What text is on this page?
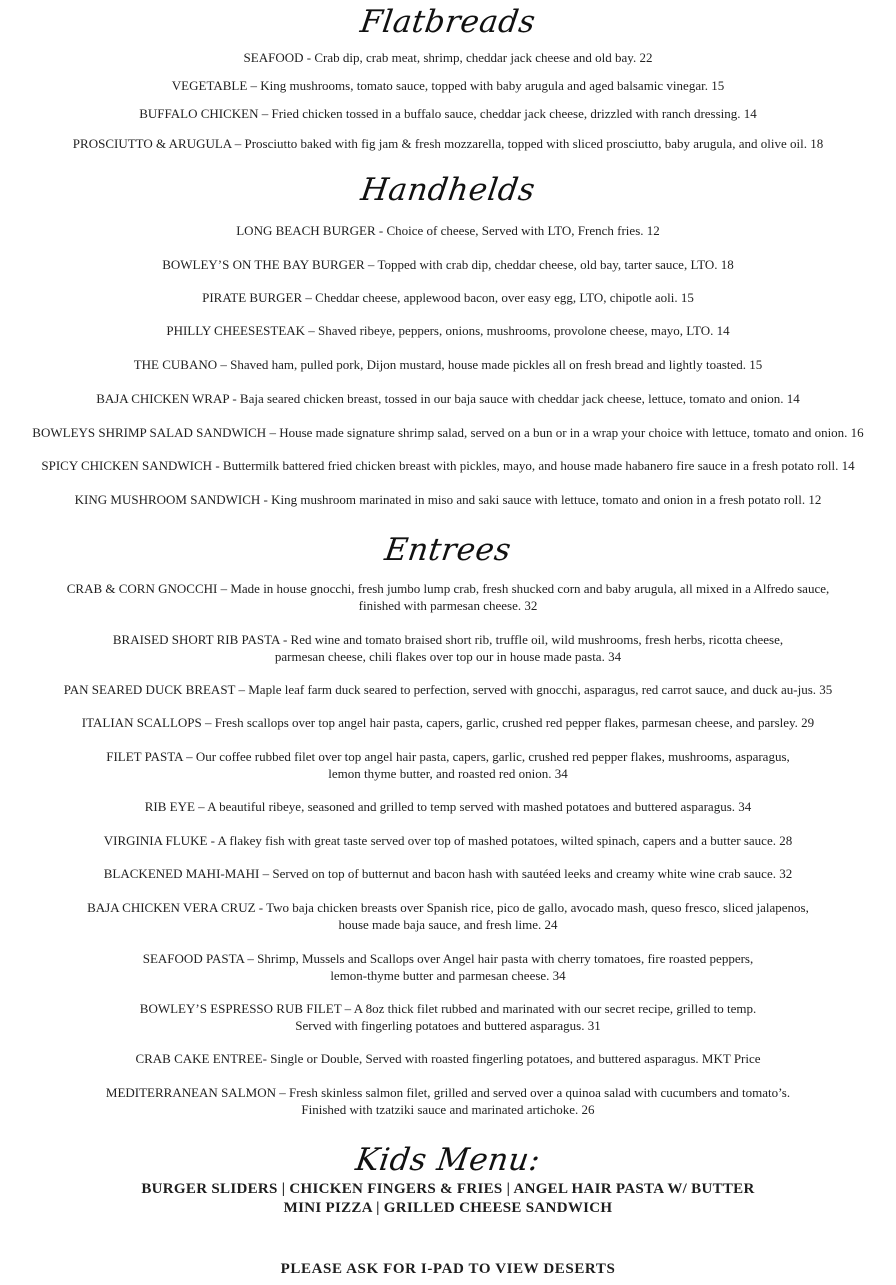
Flatbreads
SEAFOOD - Crab dip, crab meat, shrimp, cheddar jack cheese and old bay. 22
VEGETABLE – King mushrooms, tomato sauce, topped with baby arugula and aged balsamic vinegar. 15
BUFFALO CHICKEN – Fried chicken tossed in a buffalo sauce, cheddar jack cheese, drizzled with ranch dressing. 14
PROSCIUTTO & ARUGULA – Prosciutto baked with fig jam & fresh mozzarella, topped with sliced prosciutto, baby arugula, and olive oil. 18
Handhelds
LONG BEACH BURGER - Choice of cheese, Served with LTO, French fries. 12
BOWLEY’S ON THE BAY BURGER – Topped with crab dip, cheddar cheese, old bay, tarter sauce, LTO. 18
PIRATE BURGER – Cheddar cheese, applewood bacon, over easy egg, LTO, chipotle aoli. 15
PHILLY CHEESESTEAK – Shaved ribeye, peppers, onions, mushrooms, provolone cheese, mayo, LTO. 14
THE CUBANO – Shaved ham, pulled pork, Dijon mustard, house made pickles all on fresh bread and lightly toasted. 15
BAJA CHICKEN WRAP - Baja seared chicken breast, tossed in our baja sauce with cheddar jack cheese, lettuce, tomato and onion. 14
BOWLEYS SHRIMP SALAD SANDWICH – House made signature shrimp salad, served on a bun or in a wrap your choice with lettuce, tomato and onion. 16
SPICY CHICKEN SANDWICH - Buttermilk battered fried chicken breast with pickles, mayo, and house made habanero fire sauce in a fresh potato roll. 14
KING MUSHROOM SANDWICH - King mushroom marinated in miso and saki sauce with lettuce, tomato and onion in a fresh potato roll. 12
Entrees
CRAB & CORN GNOCCHI – Made in house gnocchi, fresh jumbo lump crab, fresh shucked corn and baby arugula, all mixed in a Alfredo sauce,
finished with parmesan cheese. 32
BRAISED SHORT RIB PASTA - Red wine and tomato braised short rib, truffle oil, wild mushrooms, fresh herbs, ricotta cheese,
parmesan cheese, chili flakes over top our in house made pasta. 34
PAN SEARED DUCK BREAST – Maple leaf farm duck seared to perfection, served with gnocchi, asparagus, red carrot sauce, and duck au-jus. 35
ITALIAN SCALLOPS – Fresh scallops over top angel hair pasta, capers, garlic, crushed red pepper flakes, parmesan cheese, and parsley. 29
FILET PASTA – Our coffee rubbed filet over top angel hair pasta, capers, garlic, crushed red pepper flakes, mushrooms, asparagus,
lemon thyme butter, and roasted red onion. 34
RIB EYE – A beautiful ribeye, seasoned and grilled to temp served with mashed potatoes and buttered asparagus. 34
VIRGINIA FLUKE - A flakey fish with great taste served over top of mashed potatoes, wilted spinach, capers and a butter sauce. 28
BLACKENED MAHI-MAHI – Served on top of butternut and bacon hash with sautéed leeks and creamy white wine crab sauce. 32
BAJA CHICKEN VERA CRUZ - Two baja chicken breasts over Spanish rice, pico de gallo, avocado mash, queso fresco, sliced jalapenos,
house made baja sauce, and fresh lime. 24
SEAFOOD PASTA – Shrimp, Mussels and Scallops over Angel hair pasta with cherry tomatoes, fire roasted peppers,
lemon-thyme butter and parmesan cheese. 34
BOWLEY’S ESPRESSO RUB FILET – A 8oz thick filet rubbed and marinated with our secret recipe, grilled to temp.
Served with fingerling potatoes and buttered asparagus. 31
CRAB CAKE ENTREE- Single or Double, Served with roasted fingerling potatoes, and buttered asparagus. MKT Price
MEDITERRANEAN SALMON – Fresh skinless salmon filet, grilled and served over a quinoa salad with cucumbers and tomato’s.
Finished with tzatziki sauce and marinated artichoke. 26
Kids Menu:
BURGER SLIDERS | CHICKEN FINGERS & FRIES | ANGEL HAIR PASTA W/ BUTTER
MINI PIZZA | GRILLED CHEESE SANDWICH
PLEASE ASK FOR I-PAD TO VIEW DESERTS
